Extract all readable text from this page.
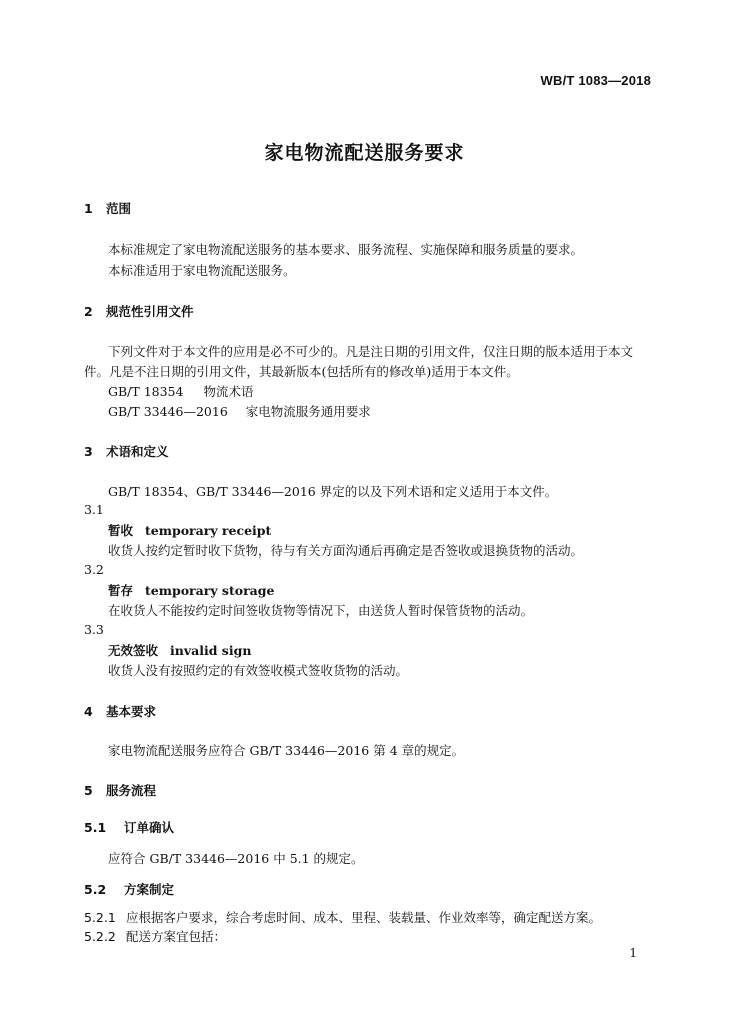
WB/T 1083—2018
家电物流配送服务要求
1 范围
本标准规定了家电物流配送服务的基本要求、服务流程、实施保障和服务质量的要求。
本标准适用于家电物流配送服务。
2 规范性引用文件
下列文件对于本文件的应用是必不可少的。凡是注日期的引用文件，仅注日期的版本适用于本文
件。凡是不注日期的引用文件，其最新版本(包括所有的修改单)适用于本文件。
GB/T 18354 物流术语
GB/T 33446—2016 家电物流服务通用要求
3 术语和定义
GB/T 18354、GB/T 33446—2016 界定的以及下列术语和定义适用于本文件。
3.1
暂收 temporary receipt
收货人按约定暂时收下货物，待与有关方面沟通后再确定是否签收或退换货物的活动。
3.2
暂存 temporary storage
在收货人不能按约定时间签收货物等情况下，由送货人暂时保管货物的活动。
3.3
无效签收 invalid sign
收货人没有按照约定的有效签收模式签收货物的活动。
4 基本要求
家电物流配送服务应符合 GB/T 33446—2016 第 4 章的规定。
5 服务流程
5.1 订单确认
应符合 GB/T 33446—2016 中 5.1 的规定。
5.2 方案制定
5.2.1 应根据客户要求，综合考虑时间、成本、里程、装载量、作业效率等，确定配送方案。
5.2.2 配送方案宜包括：
1
